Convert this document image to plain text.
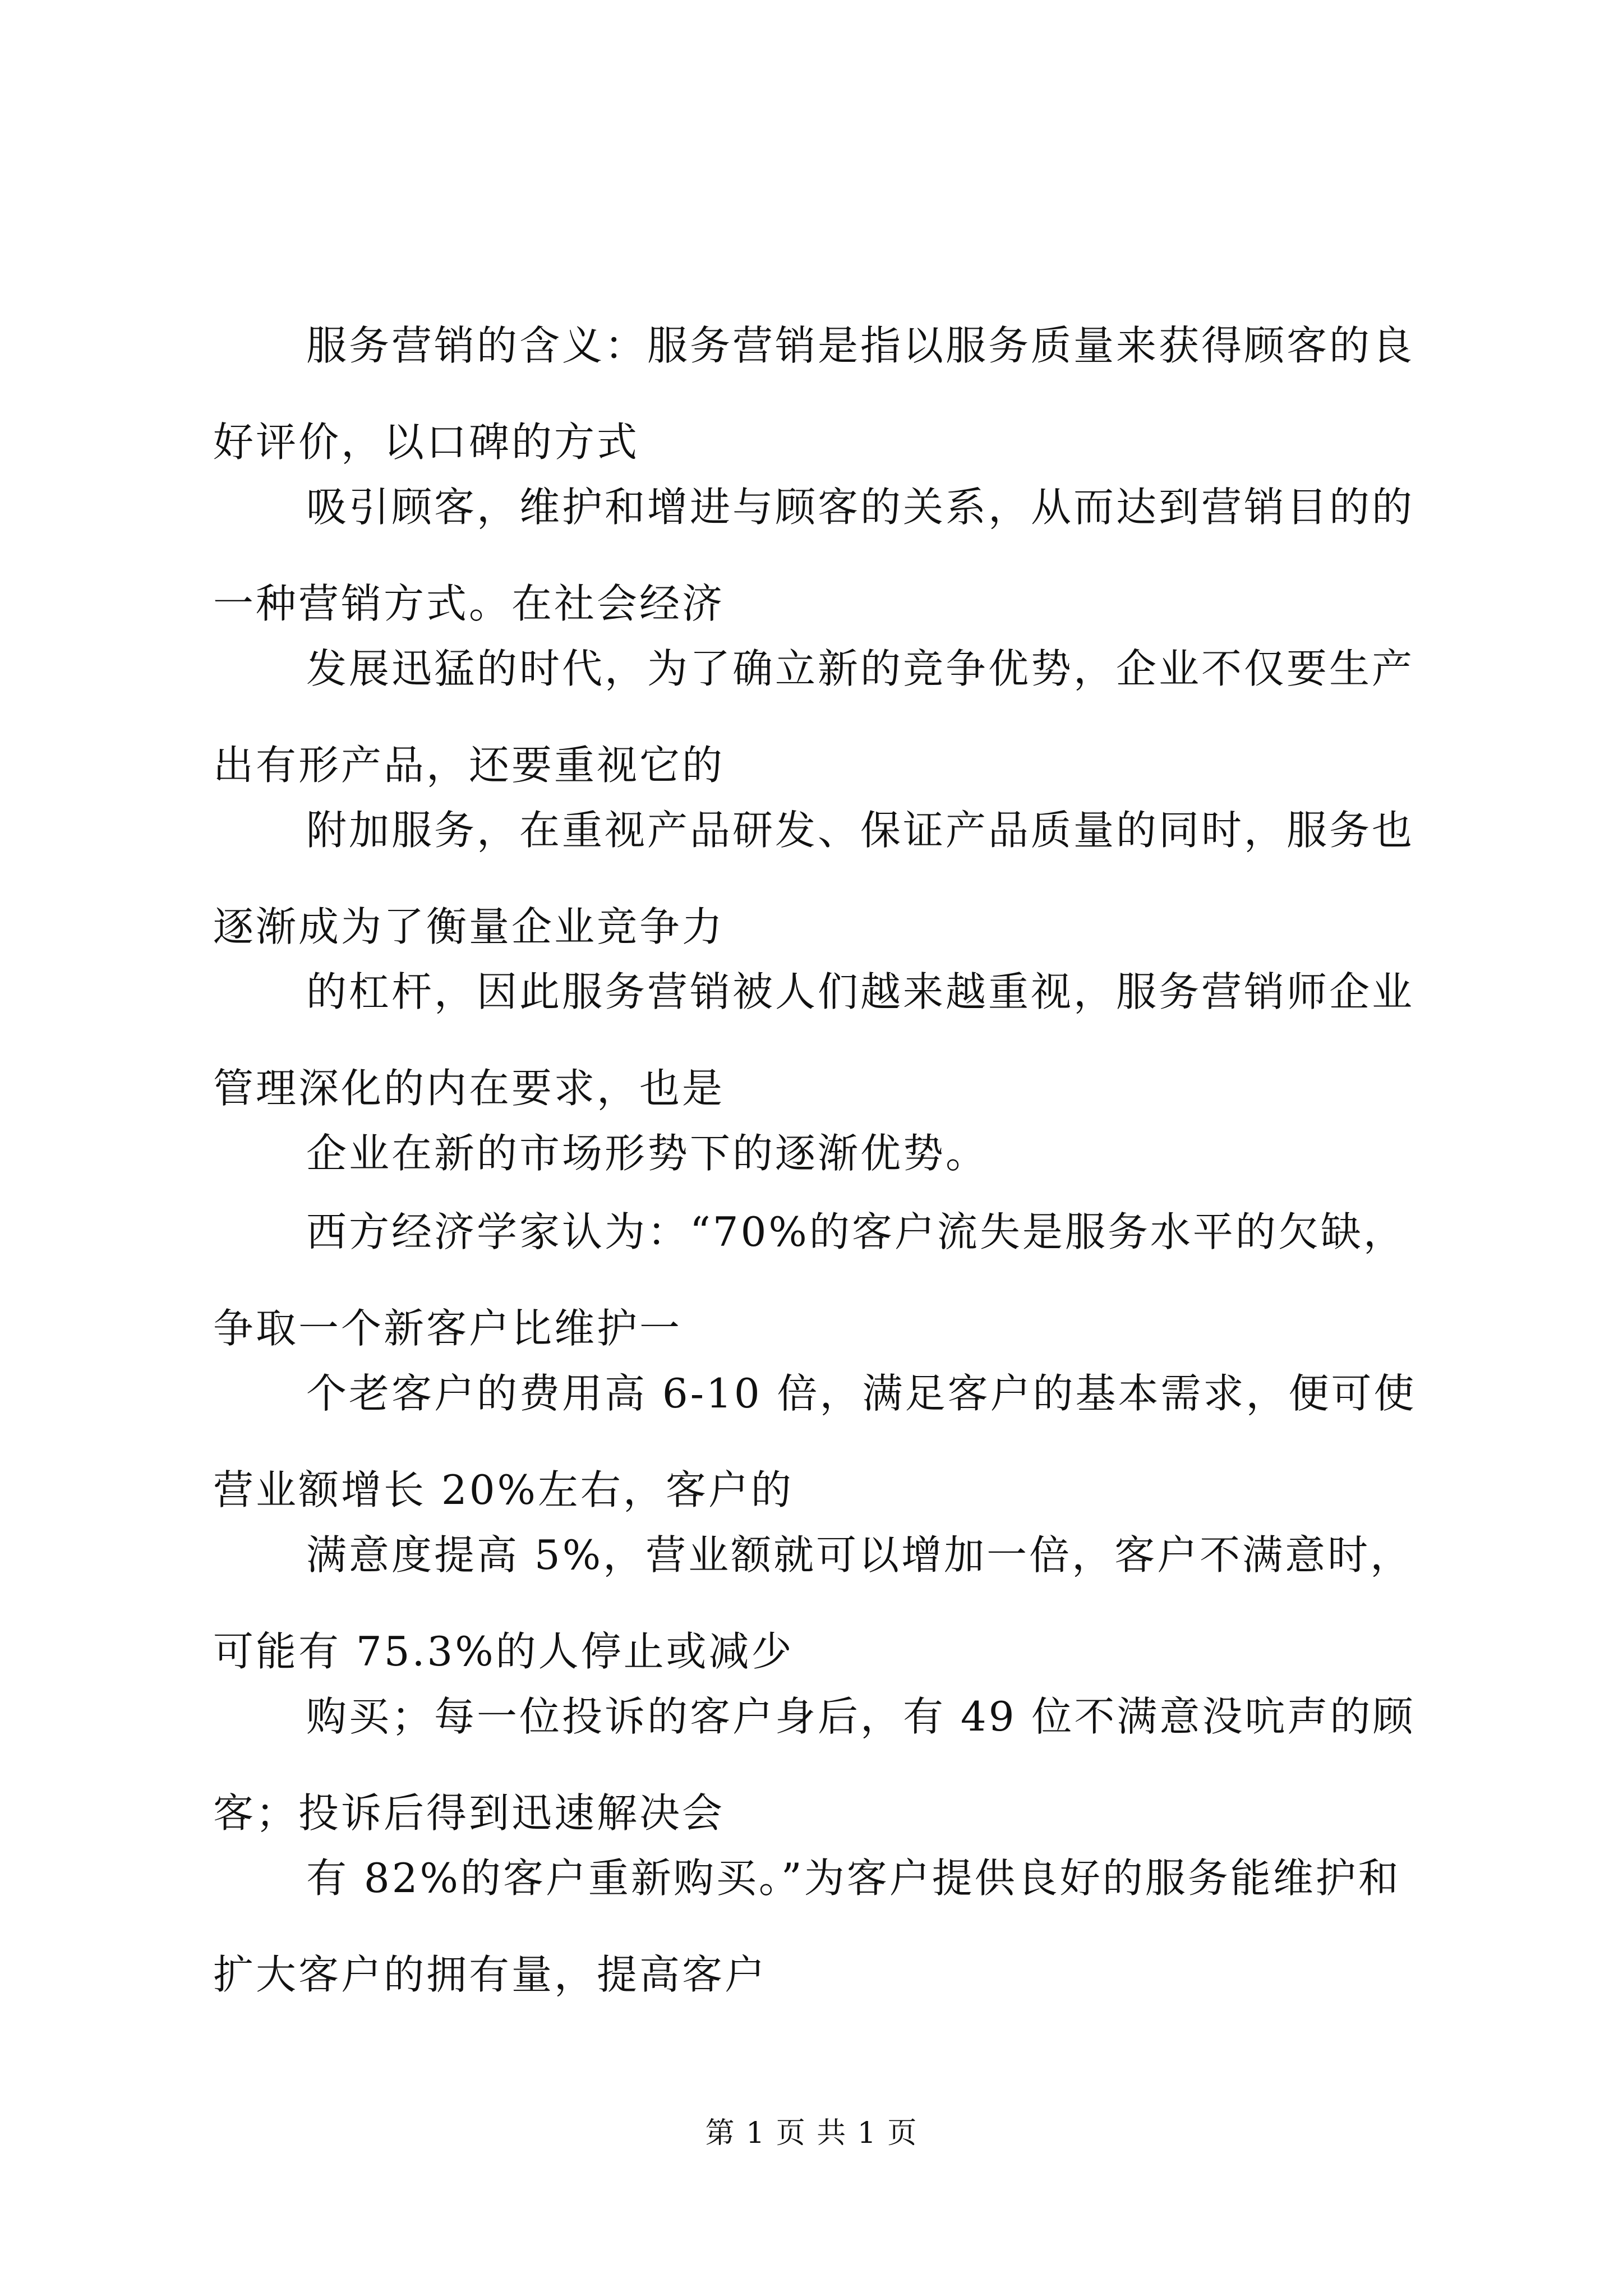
服务营销的含义：服务营销是指以服务质量来获得顾客的良
好评价，以口碑的方式
吸引顾客，维护和增进与顾客的关系，从而达到营销目的的
一种营销方式。在社会经济
发展迅猛的时代，为了确立新的竞争优势，企业不仅要生产
出有形产品，还要重视它的
附加服务，在重视产品研发、保证产品质量的同时，服务也
逐渐成为了衡量企业竞争力
的杠杆，因此服务营销被人们越来越重视，服务营销师企业
管理深化的内在要求，也是
企业在新的市场形势下的逐渐优势。
西方经济学家认为：“70%的客户流失是服务水平的欠缺，
争取一个新客户比维护一
个老客户的费用高 6-10 倍，满足客户的基本需求，便可使
营业额增长 20%左右，客户的
满意度提高 5%，营业额就可以增加一倍，客户不满意时，
可能有 75.3%的人停止或减少
购买；每一位投诉的客户身后，有 49 位不满意没吭声的顾
客；投诉后得到迅速解决会
有 82%的客户重新购买。”为客户提供良好的服务能维护和
扩大客户的拥有量，提高客户
第 1 页 共 1 页
